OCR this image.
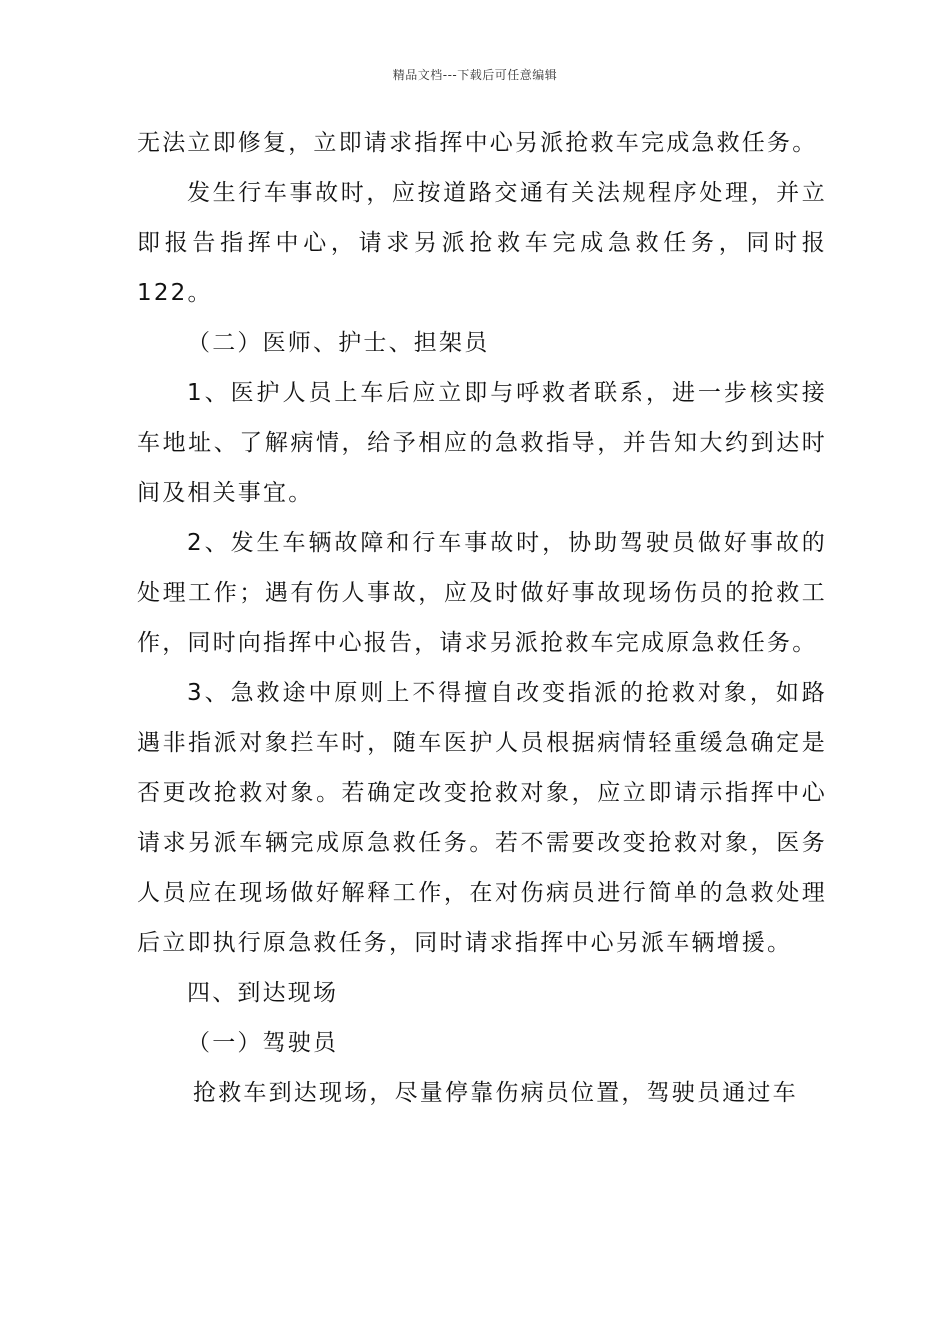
精品文档---下载后可任意编辑

无法立即修复，立即请求指挥中心另派抢救车完成急救任务。

发生行车事故时，应按道路交通有关法规程序处理，并立即报告指挥中心，请求另派抢救车完成急救任务，同时报122。

（二）医师、护士、担架员

1、医护人员上车后应立即与呼救者联系，进一步核实接车地址、了解病情，给予相应的急救指导，并告知大约到达时间及相关事宜。

2、发生车辆故障和行车事故时，协助驾驶员做好事故的处理工作；遇有伤人事故，应及时做好事故现场伤员的抢救工作，同时向指挥中心报告，请求另派抢救车完成原急救任务。

3、急救途中原则上不得擅自改变指派的抢救对象，如路遇非指派对象拦车时，随车医护人员根据病情轻重缓急确定是否更改抢救对象。若确定改变抢救对象，应立即请示指挥中心请求另派车辆完成原急救任务。若不需要改变抢救对象，医务人员应在现场做好解释工作，在对伤病员进行简单的急救处理后立即执行原急救任务，同时请求指挥中心另派车辆增援。

四、到达现场

（一）驾驶员

抢救车到达现场，尽量停靠伤病员位置，驾驶员通过车
